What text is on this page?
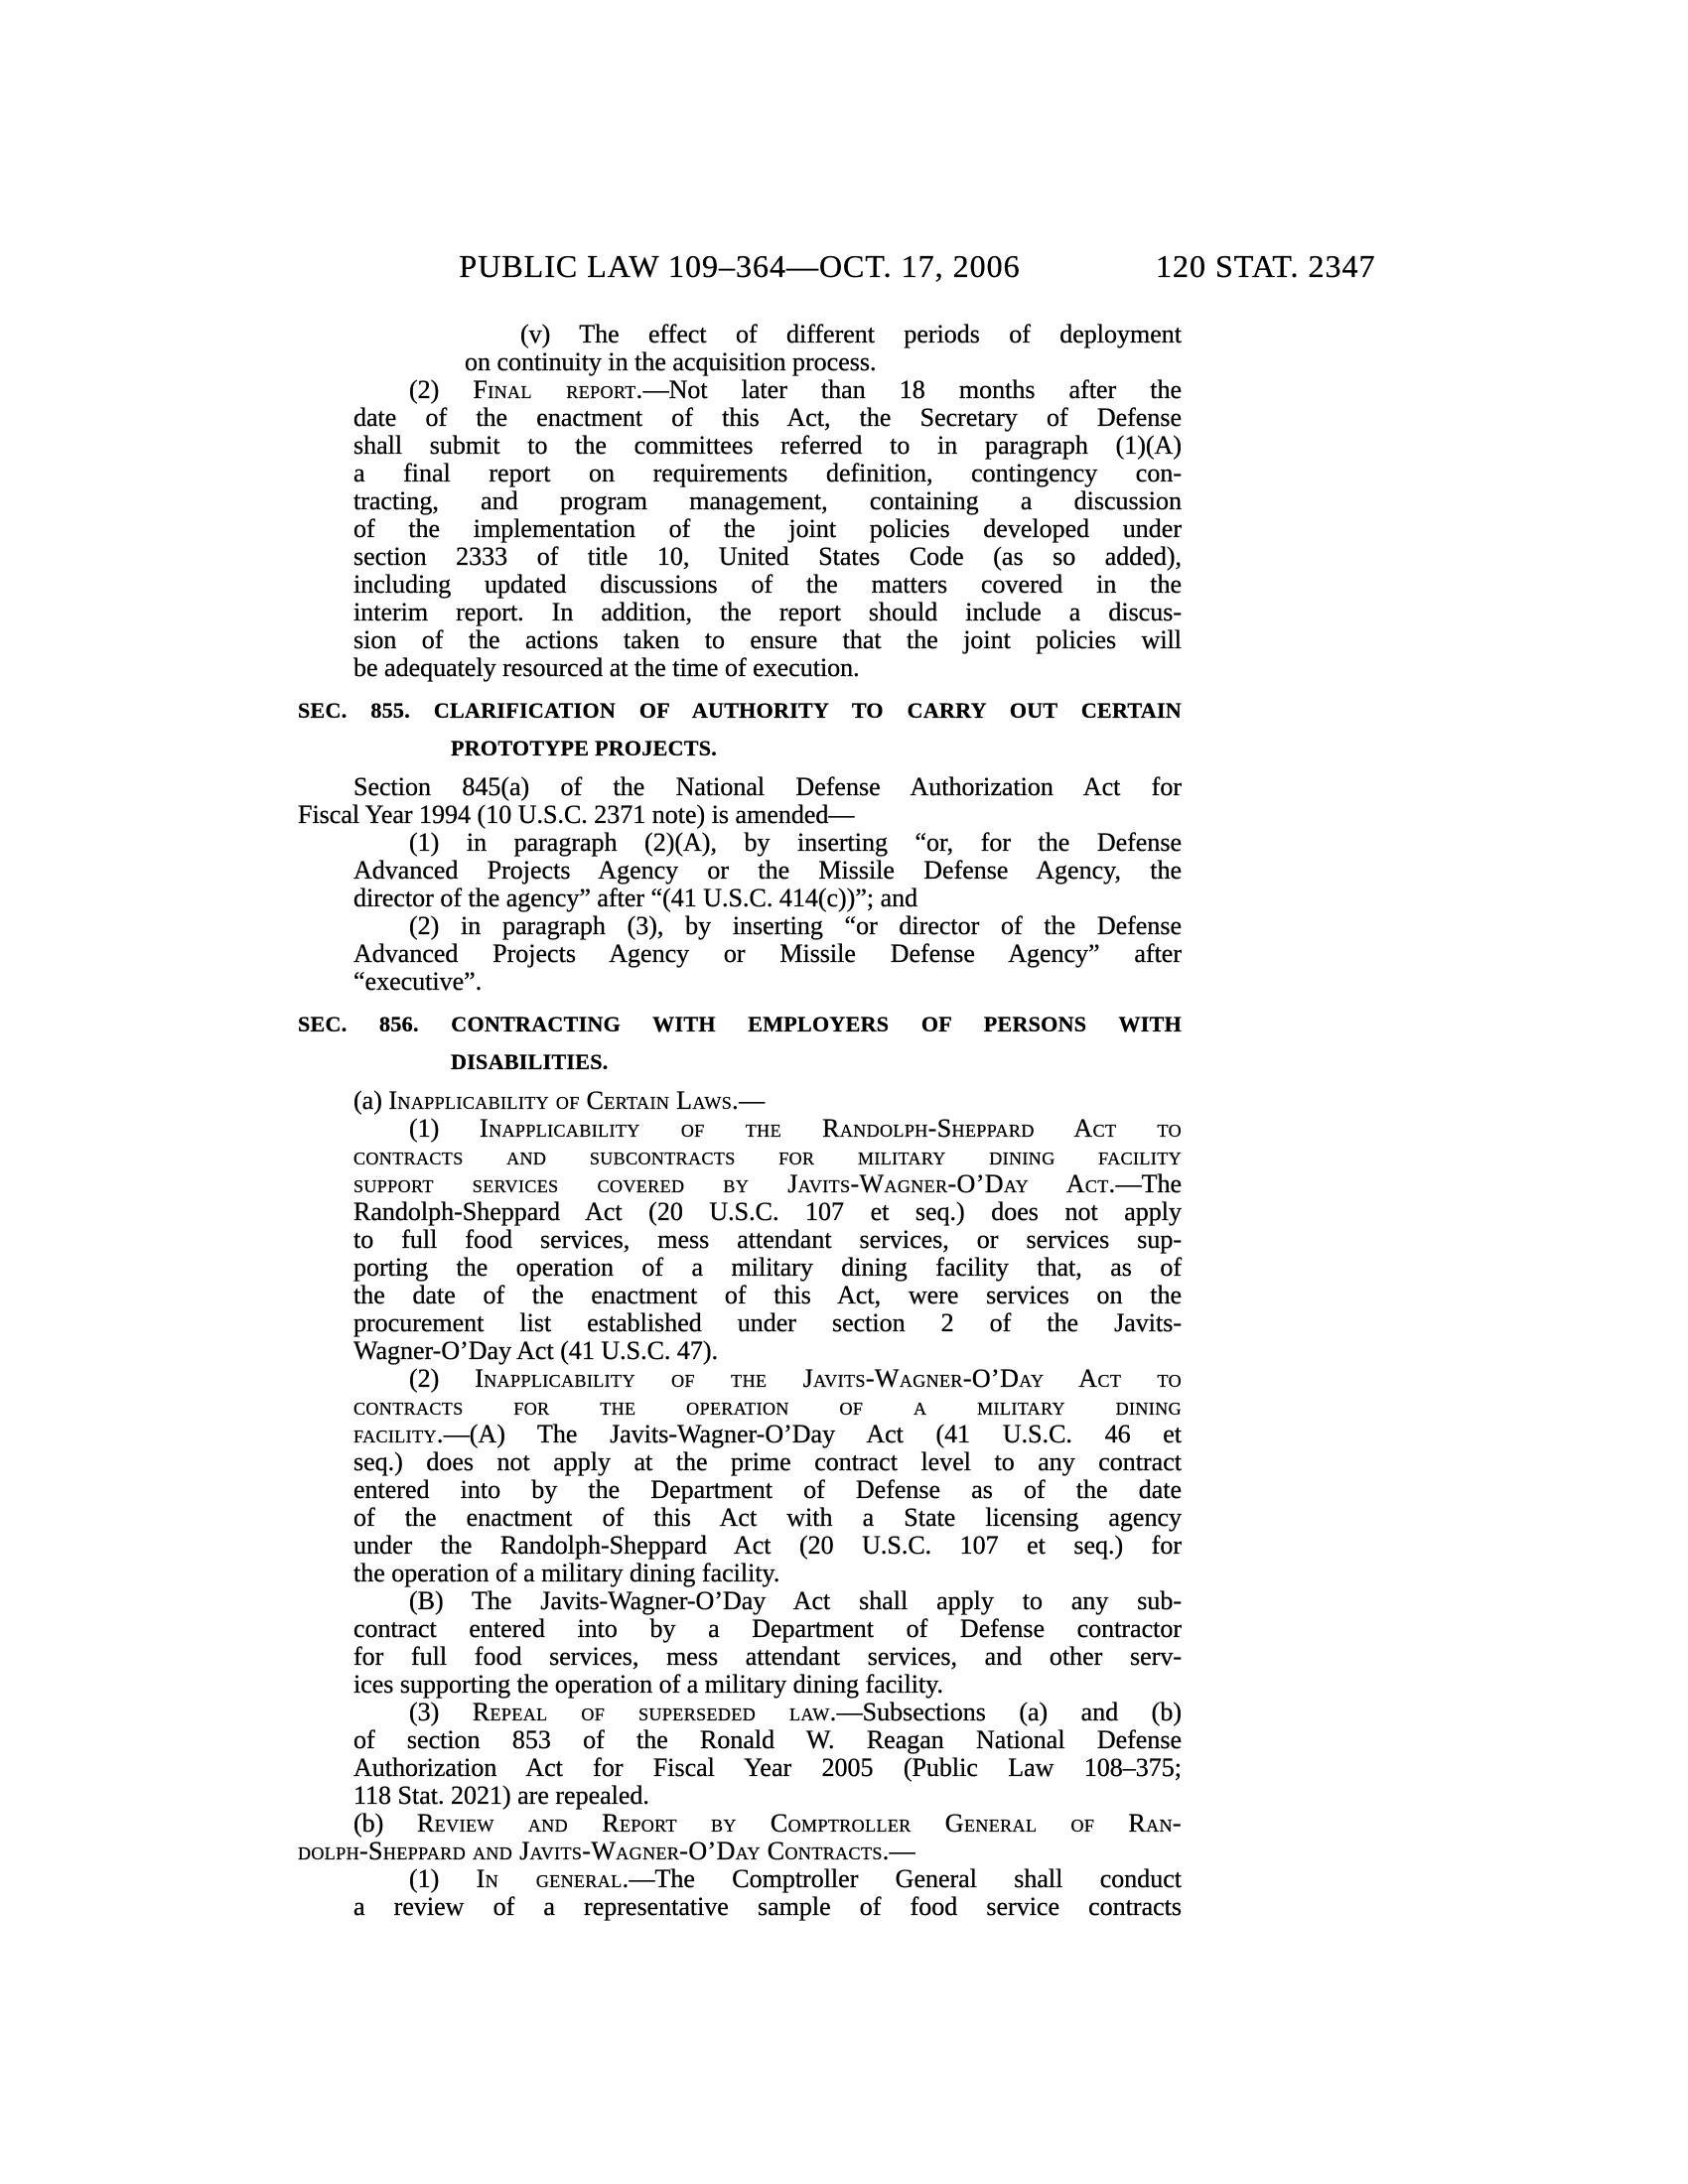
PUBLIC LAW 109–364—OCT. 17, 2006	120 STAT. 2347
(v) The effect of different periods of deployment
on continuity in the acquisition process.
(2) Final report.—Not later than 18 months after the
date of the enactment of this Act, the Secretary of Defense
shall submit to the committees referred to in paragraph (1)(A)
a final report on requirements definition, contingency con-
tracting, and program management, containing a discussion
of the implementation of the joint policies developed under
section 2333 of title 10, United States Code (as so added),
including updated discussions of the matters covered in the
interim report. In addition, the report should include a discus-
sion of the actions taken to ensure that the joint policies will
be adequately resourced at the time of execution.
SEC. 855. CLARIFICATION OF AUTHORITY TO CARRY OUT CERTAIN
PROTOTYPE PROJECTS.
Section 845(a) of the National Defense Authorization Act for
Fiscal Year 1994 (10 U.S.C. 2371 note) is amended—
(1) in paragraph (2)(A), by inserting “or, for the Defense
Advanced Projects Agency or the Missile Defense Agency, the
director of the agency” after “(41 U.S.C. 414(c))”; and
(2) in paragraph (3), by inserting “or director of the Defense
Advanced Projects Agency or Missile Defense Agency” after
“executive”.
SEC. 856. CONTRACTING WITH EMPLOYERS OF PERSONS WITH
DISABILITIES.
(a) Inapplicability of Certain Laws.—
(1) Inapplicability of the Randolph-Sheppard Act to
contracts and subcontracts for military dining facility
support services covered by Javits-Wagner-O’Day Act.—The
Randolph-Sheppard Act (20 U.S.C. 107 et seq.) does not apply
to full food services, mess attendant services, or services sup-
porting the operation of a military dining facility that, as of
the date of the enactment of this Act, were services on the
procurement list established under section 2 of the Javits-
Wagner-O’Day Act (41 U.S.C. 47).
(2) Inapplicability of the Javits-Wagner-O’Day Act to
contracts for the operation of a military dining
facility.—(A) The Javits-Wagner-O’Day Act (41 U.S.C. 46 et
seq.) does not apply at the prime contract level to any contract
entered into by the Department of Defense as of the date
of the enactment of this Act with a State licensing agency
under the Randolph-Sheppard Act (20 U.S.C. 107 et seq.) for
the operation of a military dining facility.
(B) The Javits-Wagner-O’Day Act shall apply to any sub-
contract entered into by a Department of Defense contractor
for full food services, mess attendant services, and other serv-
ices supporting the operation of a military dining facility.
(3) Repeal of superseded law.—Subsections (a) and (b)
of section 853 of the Ronald W. Reagan National Defense
Authorization Act for Fiscal Year 2005 (Public Law 108–375;
118 Stat. 2021) are repealed.
(b) Review and Report by Comptroller General of Ran-
dolph-Sheppard and Javits-Wagner-O’Day Contracts.—
(1) In general.—The Comptroller General shall conduct
a review of a representative sample of food service contracts
